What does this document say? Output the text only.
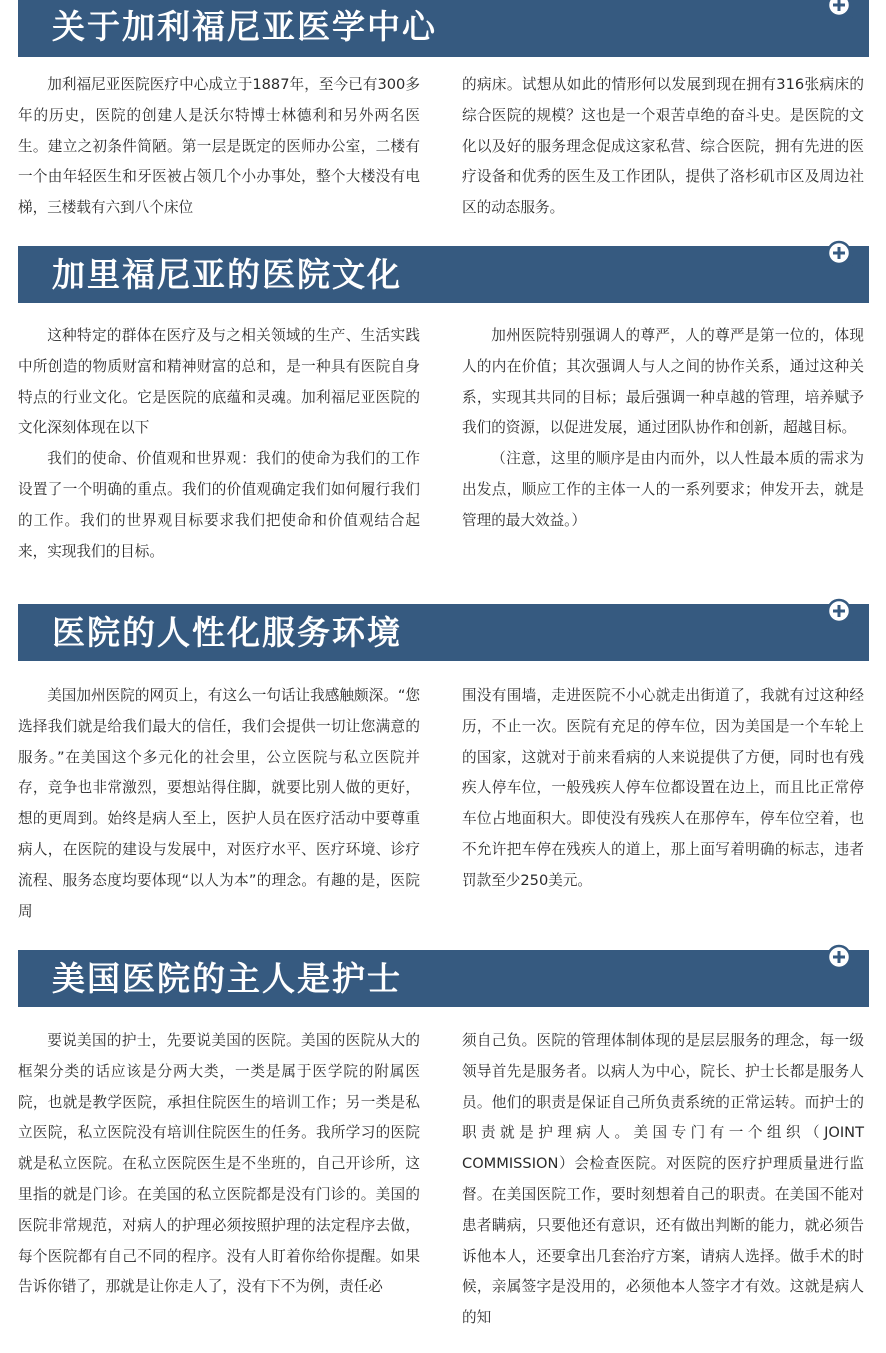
关于加利福尼亚医学中心

加利福尼亚医院医疗中心成立于1887年，至今已有300多年的历史，医院的创建人是沃尔特博士林德利和另外两名医生。建立之初条件简陋。第一层是既定的医师办公室，二楼有一个由年轻医生和牙医被占领几个小办事处，整个大楼没有电梯，三楼载有六到八个床位

的病床。试想从如此的情形何以发展到现在拥有316张病床的综合医院的规模？这也是一个艰苦卓绝的奋斗史。是医院的文化以及好的服务理念促成这家私营、综合医院，拥有先进的医疗设备和优秀的医生及工作团队，提供了洛杉矶市区及周边社区的动态服务。

加里福尼亚的医院文化

这种特定的群体在医疗及与之相关领域的生产、生活实践中所创造的物质财富和精神财富的总和，是一种具有医院自身特点的行业文化。它是医院的底蕴和灵魂。加利福尼亚医院的文化深刻体现在以下

我们的使命、价值观和世界观：我们的使命为我们的工作设置了一个明确的重点。我们的价值观确定我们如何履行我们的工作。我们的世界观目标要求我们把使命和价值观结合起来，实现我们的目标。

加州医院特别强调人的尊严，人的尊严是第一位的，体现人的内在价值；其次强调人与人之间的协作关系，通过这种关系，实现其共同的目标；最后强调一种卓越的管理，培养赋予我们的资源，以促进发展，通过团队协作和创新，超越目标。

（注意，这里的顺序是由内而外，以人性最本质的需求为出发点，顺应工作的主体一人的一系列要求；伸发开去，就是管理的最大效益。）

医院的人性化服务环境

美国加州医院的网页上，有这么一句话让我感触颇深。“您选择我们就是给我们最大的信任，我们会提供一切让您满意的服务。”在美国这个多元化的社会里，公立医院与私立医院并存，竞争也非常激烈，要想站得住脚，就要比别人做的更好，想的更周到。始终是病人至上，医护人员在医疗活动中要尊重病人，在医院的建设与发展中，对医疗水平、医疗环境、诊疗流程、服务态度均要体现“以人为本”的理念。有趣的是，医院周

围没有围墙，走进医院不小心就走出街道了，我就有过这种经历，不止一次。医院有充足的停车位，因为美国是一个车轮上的国家，这就对于前来看病的人来说提供了方便，同时也有残疾人停车位，一般残疾人停车位都设置在边上，而且比正常停车位占地面积大。即使没有残疾人在那停车，停车位空着，也不允许把车停在残疾人的道上，那上面写着明确的标志，违者罚款至少250美元。

美国医院的主人是护士

要说美国的护士，先要说美国的医院。美国的医院从大的框架分类的话应该是分两大类，一类是属于医学院的附属医院，也就是教学医院，承担住院医生的培训工作；另一类是私立医院，私立医院没有培训住院医生的任务。我所学习的医院就是私立医院。在私立医院医生是不坐班的，自己开诊所，这里指的就是门诊。在美国的私立医院都是没有门诊的。美国的医院非常规范，对病人的护理必须按照护理的法定程序去做，每个医院都有自己不同的程序。没有人盯着你给你提醒。如果告诉你错了，那就是让你走人了，没有下不为例，责任必

须自己负。医院的管理体制体现的是层层服务的理念，每一级领导首先是服务者。以病人为中心，院长、护士长都是服务人员。他们的职责是保证自己所负责系统的正常运转。而护士的职责就是护理病人。美国专门有一个组织（JOINT COMMISSION）会检查医院。对医院的医疗护理质量进行监督。在美国医院工作，要时刻想着自己的职责。在美国不能对患者瞒病，只要他还有意识，还有做出判断的能力，就必须告诉他本人，还要拿出几套治疗方案，请病人选择。做手术的时候，亲属签字是没用的，必须他本人签字才有效。这就是病人的知
